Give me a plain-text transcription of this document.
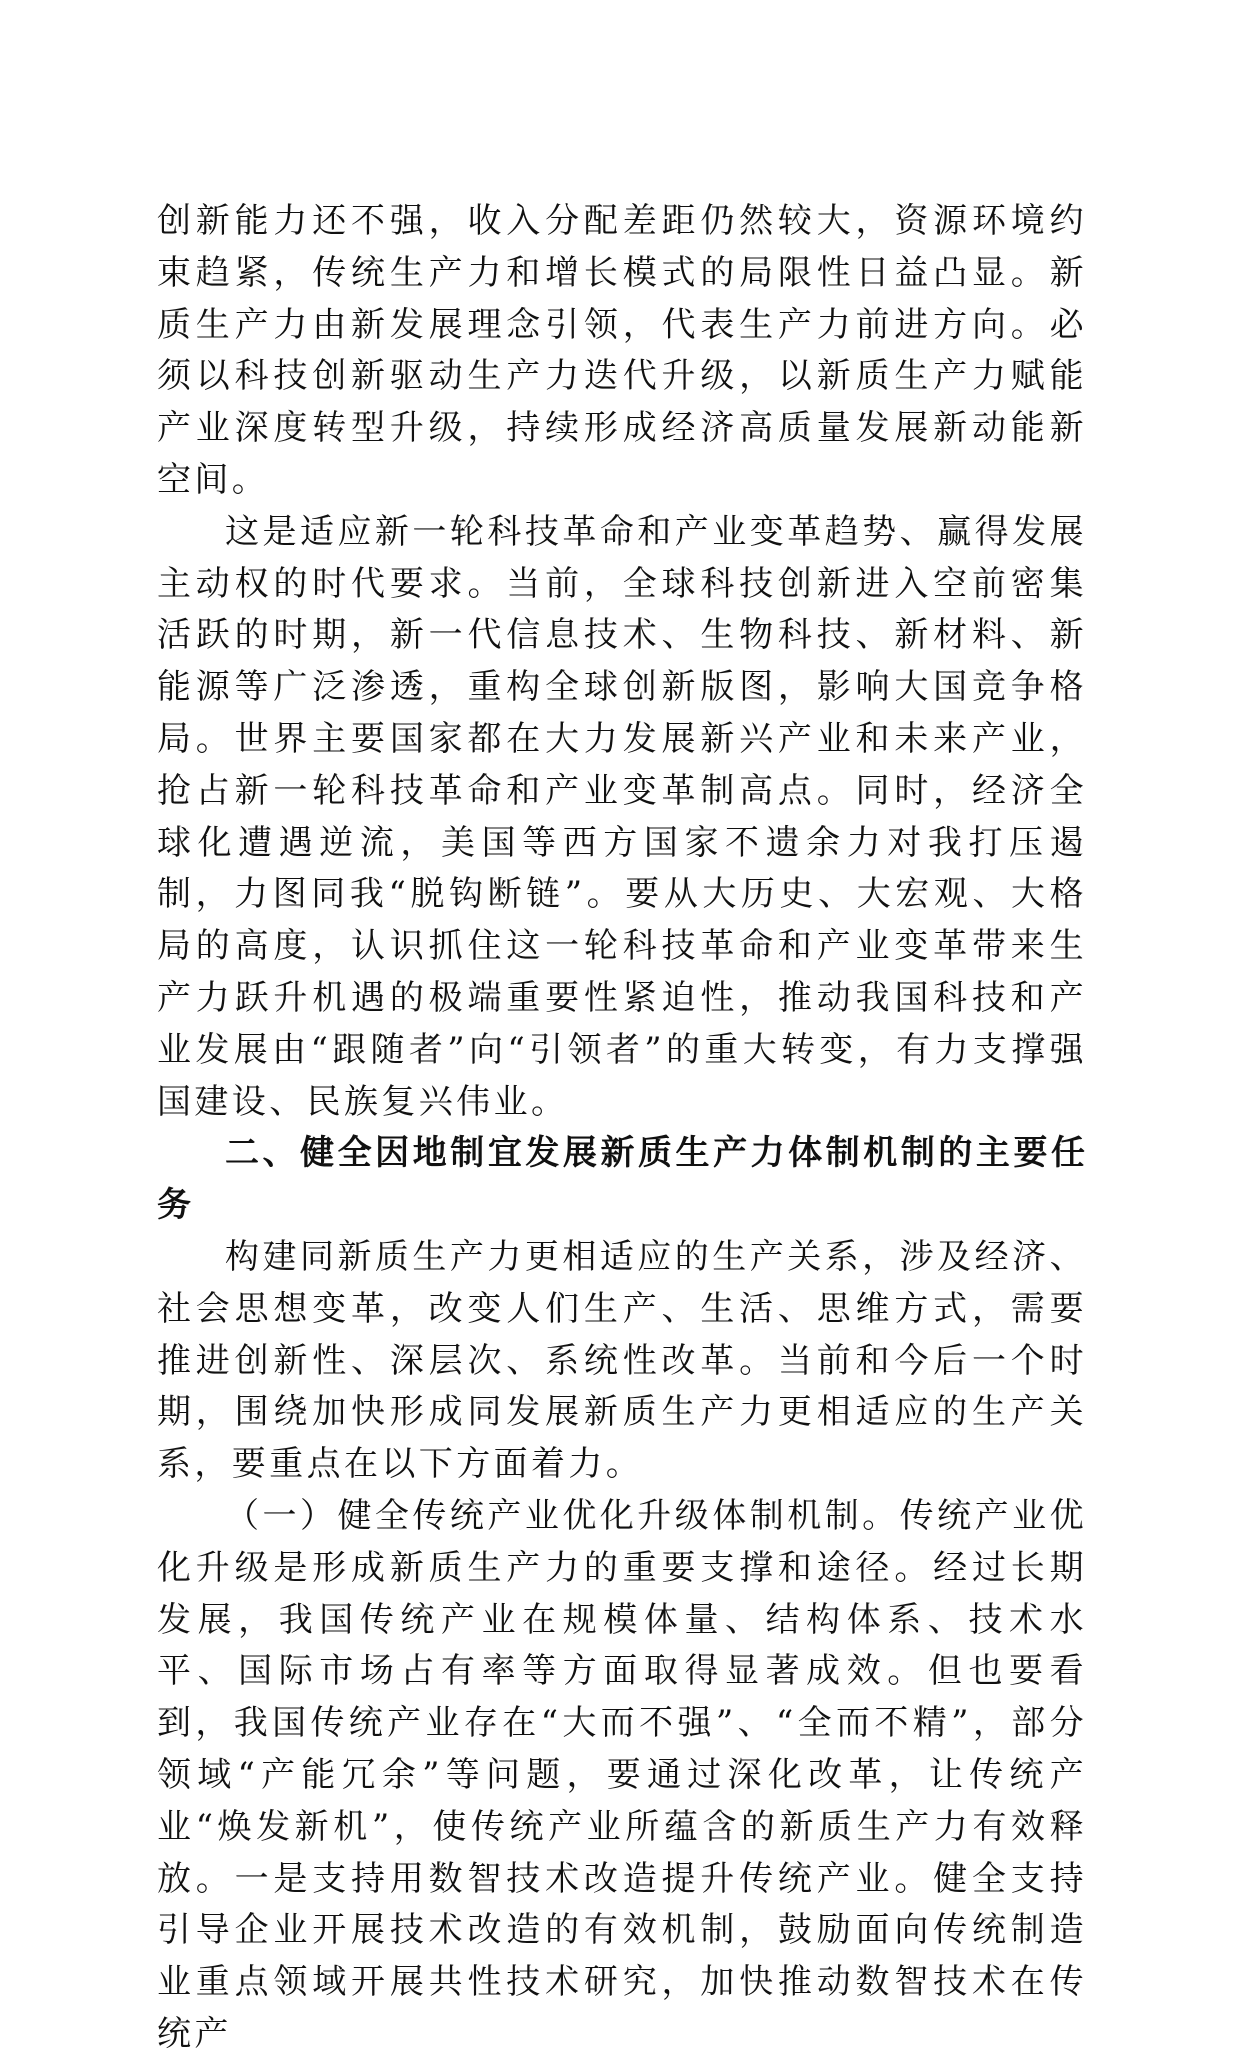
创新能力还不强，收入分配差距仍然较大，资源环境约束趋紧，传统生产力和增长模式的局限性日益凸显。新质生产力由新发展理念引领，代表生产力前进方向。必须以科技创新驱动生产力迭代升级，以新质生产力赋能产业深度转型升级，持续形成经济高质量发展新动能新空间。

这是适应新一轮科技革命和产业变革趋势、赢得发展主动权的时代要求。当前，全球科技创新进入空前密集活跃的时期，新一代信息技术、生物科技、新材料、新能源等广泛渗透，重构全球创新版图，影响大国竞争格局。世界主要国家都在大力发展新兴产业和未来产业，抢占新一轮科技革命和产业变革制高点。同时，经济全球化遭遇逆流，美国等西方国家不遗余力对我打压遏制，力图同我“脱钩断链”。要从大历史、大宏观、大格局的高度，认识抓住这一轮科技革命和产业变革带来生产力跃升机遇的极端重要性紧迫性，推动我国科技和产业发展由“跟随者”向“引领者”的重大转变，有力支撑强国建设、民族复兴伟业。

二、健全因地制宜发展新质生产力体制机制的主要任务

构建同新质生产力更相适应的生产关系，涉及经济、社会思想变革，改变人们生产、生活、思维方式，需要推进创新性、深层次、系统性改革。当前和今后一个时期，围绕加快形成同发展新质生产力更相适应的生产关系，要重点在以下方面着力。

（一）健全传统产业优化升级体制机制。传统产业优化升级是形成新质生产力的重要支撑和途径。经过长期发展，我国传统产业在规模体量、结构体系、技术水平、国际市场占有率等方面取得显著成效。但也要看到，我国传统产业存在“大而不强”、“全而不精”，部分领域“产能冗余”等问题，要通过深化改革，让传统产业“焕发新机”，使传统产业所蕴含的新质生产力有效释放。一是支持用数智技术改造提升传统产业。健全支持引导企业开展技术改造的有效机制，鼓励面向传统制造业重点领域开展共性技术研究，加快推动数智技术在传统产
